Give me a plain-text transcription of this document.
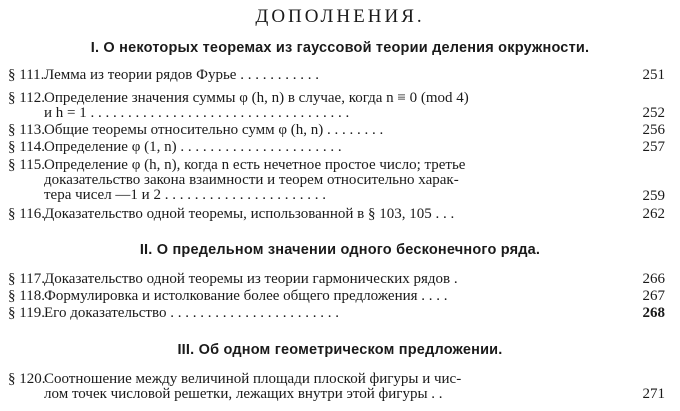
ДОПОЛНЕНИЯ.
I. О некоторых теоремах из гауссовой теории деления окружности.
§ 111. Лемма из теории рядов Фурье . . . . . . . . . . .	251
§ 112. Определение значения суммы φ (h, n) в случае, когда n ≡ 0 (mod 4)
и h = 1 . . . . . . . . . . . . . . . . . . . . . . . . . . . . . . . . . . .	252
§ 113. Общие теоремы относительно сумм φ (h, n) . . . . . . . .	256
§ 114. Определение φ (1, n) . . . . . . . . . . . . . . . . . . . . . .	257
§ 115. Определение φ (h, n), когда n есть нечетное простое число; третье
доказательство закона взаимности и теорем относительно харак-
тера чисел —1 и 2 . . . . . . . . . . . . . . . . . . . . . .	259
§ 116. Доказательство одной теоремы, использованной в § 103, 105 . . .	262
II. О предельном значении одного бесконечного ряда.
§ 117. Доказательство одной теоремы из теории гармонических рядов .	266
§ 118. Формулировка и истолкование более общего предложения . . . .	267
§ 119. Его доказательство . . . . . . . . . . . . . . . . . . . . . . .	268
III. Об одном геометрическом предложении.
§ 120.
Соотношение между величиной площади плоской фигуры и чис-
лом точек числовой решетки, лежащих внутри этой фигуры . .	271
